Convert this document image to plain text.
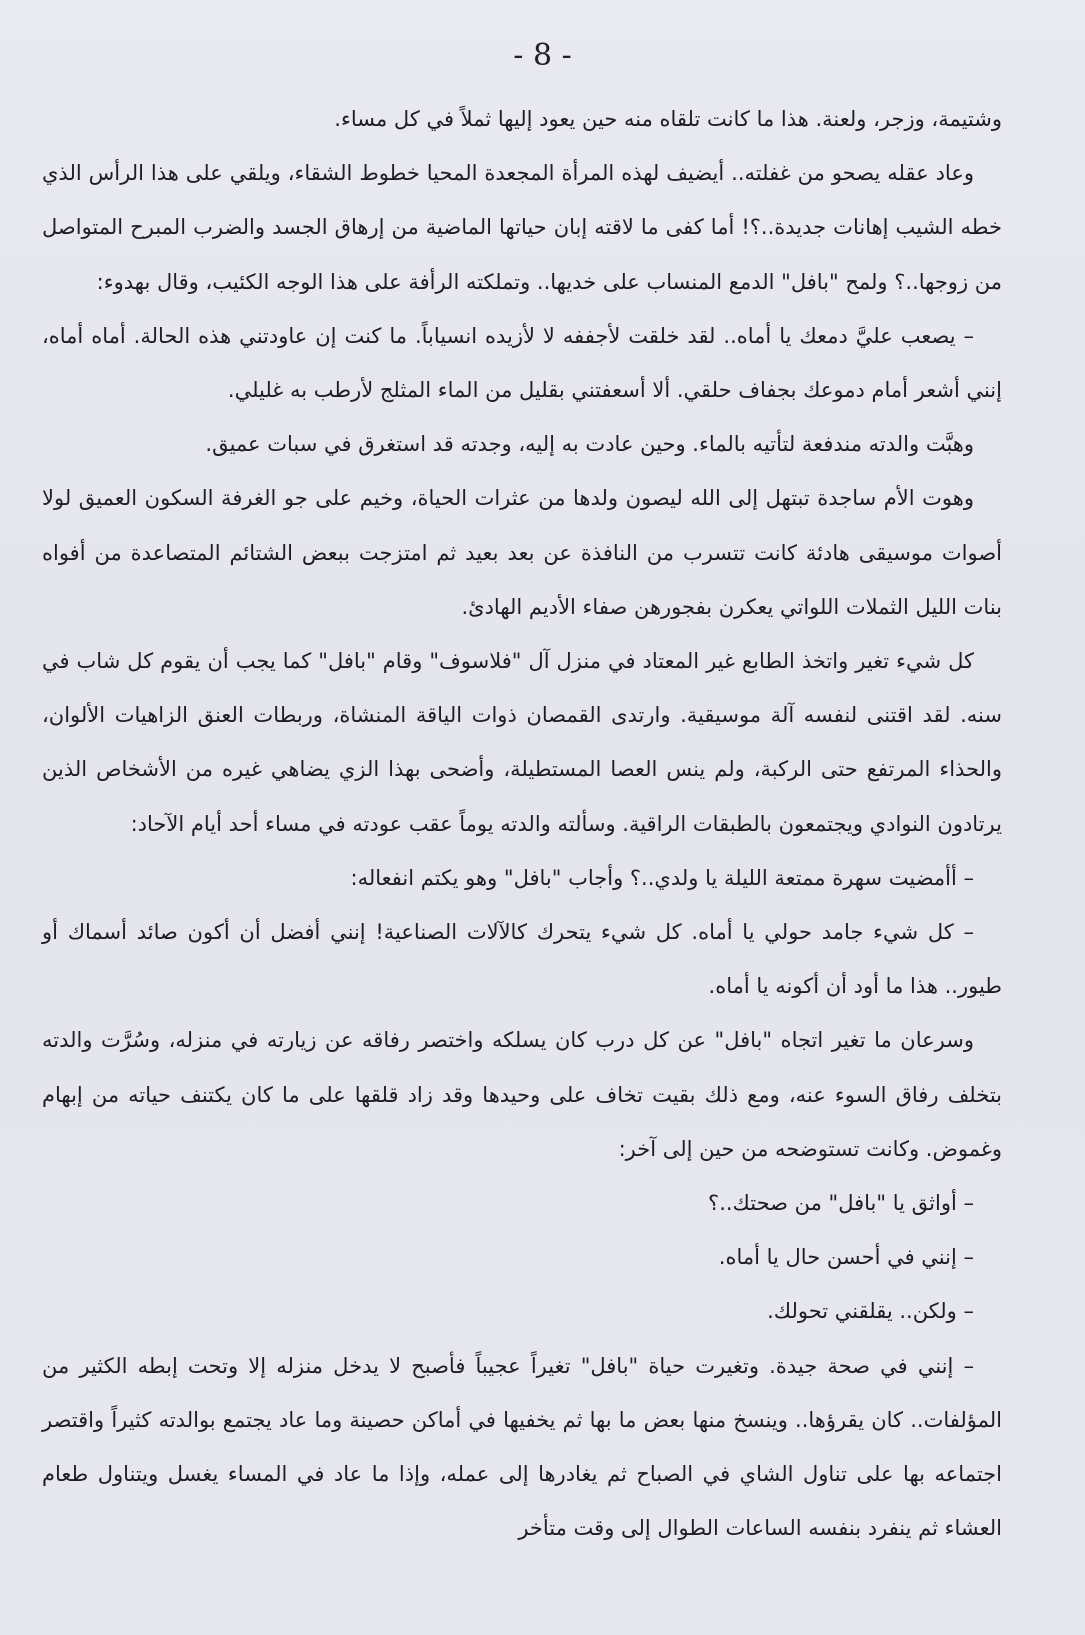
- 8 -

وشتيمة، وزجر، ولعنة. هذا ما كانت تلقاه منه حين يعود إليها ثملاً في كل مساء.

وعاد عقله يصحو من غفلته.. أيضيف لهذه المرأة المجعدة المحيا خطوط الشقاء، ويلقي على هذا الرأس الذي خطه الشيب إهانات جديدة..؟! أما كفى ما لاقته إبان حياتها الماضية من إرهاق الجسد والضرب المبرح المتواصل من زوجها..؟ ولمح "بافل" الدمع المنساب على خديها.. وتملكته الرأفة على هذا الوجه الكئيب، وقال بهدوء:

– يصعب عليَّ دمعك يا أماه.. لقد خلقت لأجففه لا لأزيده انسياباً. ما كنت إن عاودتني هذه الحالة. أماه أماه، إنني أشعر أمام دموعك بجفاف حلقي. ألا أسعفتني بقليل من الماء المثلج لأرطب به غليلي.

وهبَّت والدته مندفعة لتأتيه بالماء. وحين عادت به إليه، وجدته قد استغرق في سبات عميق.

وهوت الأم ساجدة تبتهل إلى الله ليصون ولدها من عثرات الحياة، وخيم على جو الغرفة السكون العميق لولا أصوات موسيقى هادئة كانت تتسرب من النافذة عن بعد بعيد ثم امتزجت ببعض الشتائم المتصاعدة من أفواه بنات الليل الثملات اللواتي يعكرن بفجورهن صفاء الأديم الهادئ.

كل شيء تغير واتخذ الطابع غير المعتاد في منزل آل "فلاسوف" وقام "بافل" كما يجب أن يقوم كل شاب في سنه. لقد اقتنى لنفسه آلة موسيقية. وارتدى القمصان ذوات الياقة المنشاة، وربطات العنق الزاهيات الألوان، والحذاء المرتفع حتى الركبة، ولم ينس العصا المستطيلة، وأضحى بهذا الزي يضاهي غيره من الأشخاص الذين يرتادون النوادي ويجتمعون بالطبقات الراقية. وسألته والدته يوماً عقب عودته في مساء أحد أيام الآحاد:

– أأمضيت سهرة ممتعة الليلة يا ولدي..؟ وأجاب "بافل" وهو يكتم انفعاله:

– كل شيء جامد حولي يا أماه. كل شيء يتحرك كالآلات الصناعية! إنني أفضل أن أكون صائد أسماك أو طيور.. هذا ما أود أن أكونه يا أماه.

وسرعان ما تغير اتجاه "بافل" عن كل درب كان يسلكه واختصر رفاقه عن زيارته في منزله، وسُرَّت والدته بتخلف رفاق السوء عنه، ومع ذلك بقيت تخاف على وحيدها وقد زاد قلقها على ما كان يكتنف حياته من إبهام وغموض. وكانت تستوضحه من حين إلى آخر:

– أواثق يا "بافل" من صحتك..؟

– إنني في أحسن حال يا أماه.

– ولكن.. يقلقني تحولك.

– إنني في صحة جيدة. وتغيرت حياة "بافل" تغيراً عجيباً فأصبح لا يدخل منزله إلا وتحت إبطه الكثير من المؤلفات.. كان يقرؤها.. وينسخ منها بعض ما بها ثم يخفيها في أماكن حصينة وما عاد يجتمع بوالدته كثيراً واقتصر اجتماعه بها على تناول الشاي في الصباح ثم يغادرها إلى عمله، وإذا ما عاد في المساء يغسل ويتناول طعام العشاء ثم ينفرد بنفسه الساعات الطوال إلى وقت متأخر
